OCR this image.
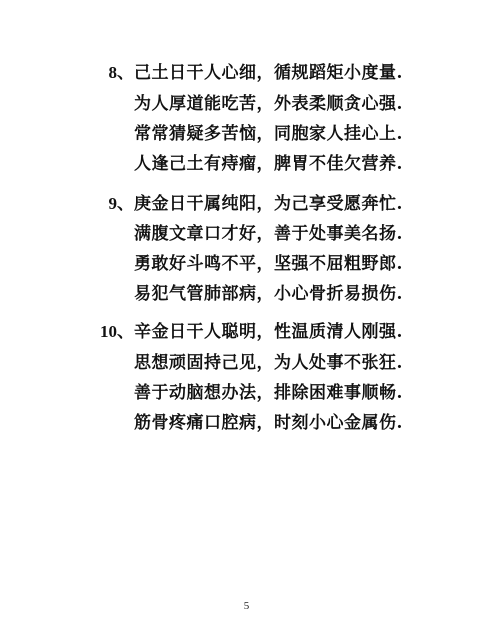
8、 己土日干人心细，循规蹈矩小度量.
为人厚道能吃苦，外表柔顺贪心强.
常常猜疑多苦恼，同胞家人挂心上.
人逢己土有痔瘤，脾胃不佳欠营养.
9、 庚金日干属纯阳，为己享受愿奔忙.
满腹文章口才好，善于处事美名扬.
勇敢好斗鸣不平，坚强不屈粗野郎.
易犯气管肺部病，小心骨折易损伤.
10、 辛金日干人聪明，性温质清人刚强.
思想顽固持己见，为人处事不张狂.
善于动脑想办法，排除困难事顺畅.
筋骨疼痛口腔病，时刻小心金属伤.
5
